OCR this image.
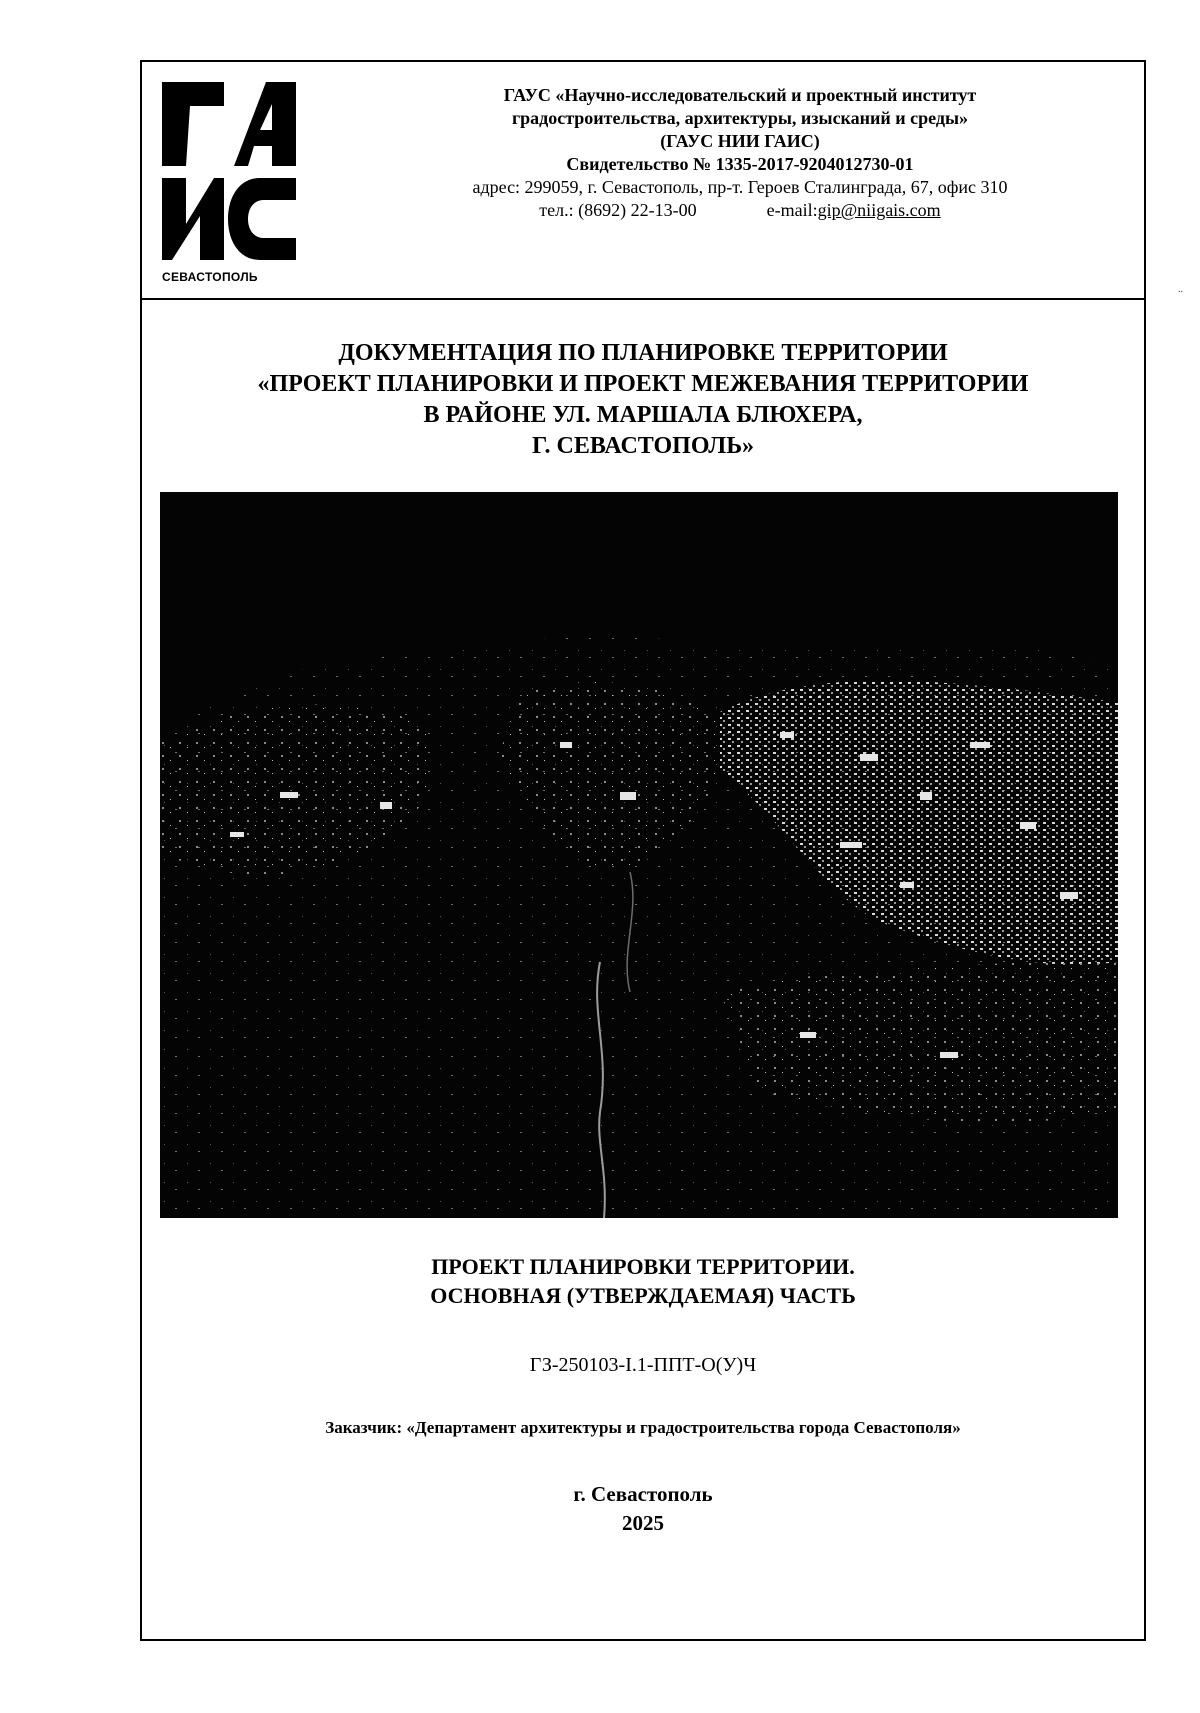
..
СЕВАСТОПОЛЬ
ГАУС «Научно-исследовательский и проектный институт
градостроительства, архитектуры, изысканий и среды»
(ГАУС НИИ ГАИС)
Свидетельство № 1335-2017-9204012730-01
адрес: 299059, г. Севастополь, пр-т. Героев Сталинграда, 67, офис 310
тел.: (8692) 22-13-00	e-mail:gip@niigais.com
ДОКУМЕНТАЦИЯ ПО ПЛАНИРОВКЕ ТЕРРИТОРИИ
«ПРОЕКТ ПЛАНИРОВКИ И ПРОЕКТ МЕЖЕВАНИЯ ТЕРРИТОРИИ
В РАЙОНЕ УЛ. МАРШАЛА БЛЮХЕРА,
Г. СЕВАСТОПОЛЬ»
ПРОЕКТ ПЛАНИРОВКИ ТЕРРИТОРИИ.
ОСНОВНАЯ (УТВЕРЖДАЕМАЯ) ЧАСТЬ
ГЗ-250103-I.1-ППТ-О(У)Ч
Заказчик: «Департамент архитектуры и градостроительства города Севастополя»
г. Севастополь
2025
